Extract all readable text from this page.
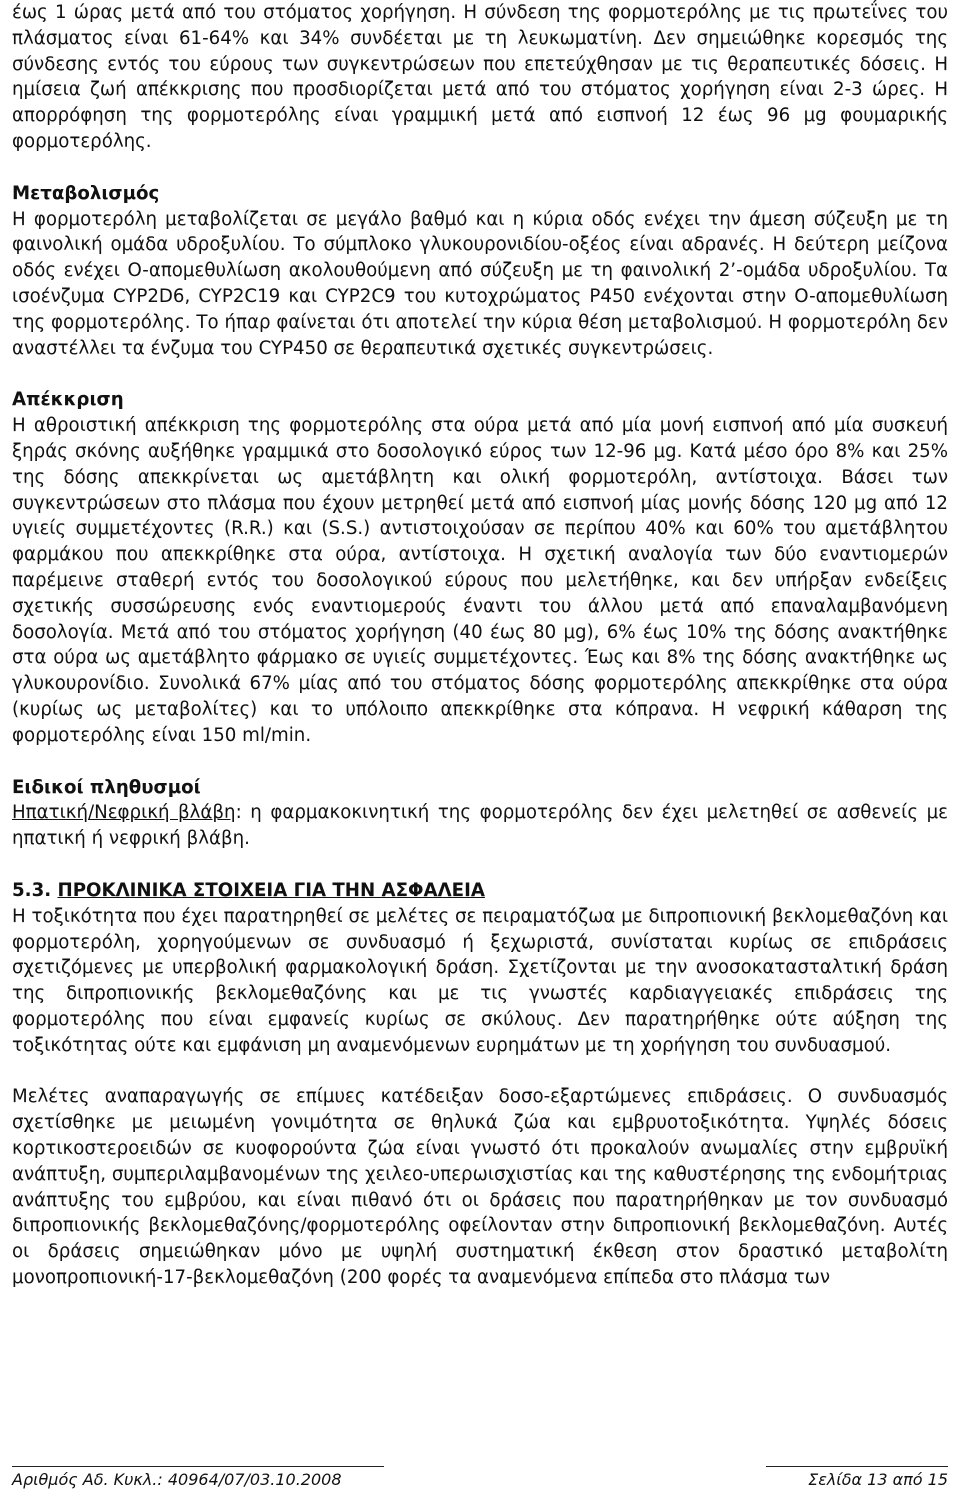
έως 1 ώρας μετά από του στόματος χορήγηση. Η σύνδεση της φορμοτερόλης με τις πρωτεΐνες του πλάσματος είναι 61-64% και 34% συνδέεται με τη λευκωματίνη. Δεν σημειώθηκε κορεσμός της σύνδεσης εντός του εύρους των συγκεντρώσεων που επετεύχθησαν με τις θεραπευτικές δόσεις. Η ημίσεια ζωή απέκκρισης που προσδιορίζεται μετά από του στόματος χορήγηση είναι 2-3 ώρες. Η απορρόφηση της φορμοτερόλης είναι γραμμική μετά από εισπνοή 12 έως 96 μg φουμαρικής φορμοτερόλης.

Μεταβολισμός

Η φορμοτερόλη μεταβολίζεται σε μεγάλο βαθμό και η κύρια οδός ενέχει την άμεση σύζευξη με τη φαινολική ομάδα υδροξυλίου. Το σύμπλοκο γλυκουρονιδίου-οξέος είναι αδρανές. Η δεύτερη μείζονα οδός ενέχει O-απομεθυλίωση ακολουθούμενη από σύζευξη με τη φαινολική 2’-ομάδα υδροξυλίου. Τα ισοένζυμα CYP2D6, CYP2C19 και CYP2C9 του κυτοχρώματος P450 ενέχονται στην O-απομεθυλίωση της φορμοτερόλης. Το ήπαρ φαίνεται ότι αποτελεί την κύρια θέση μεταβολισμού. Η φορμοτερόλη δεν αναστέλλει τα ένζυμα του CYP450 σε θεραπευτικά σχετικές συγκεντρώσεις.

Απέκκριση

Η αθροιστική απέκκριση της φορμοτερόλης στα ούρα μετά από μία μονή εισπνοή από μία συσκευή ξηράς σκόνης αυξήθηκε γραμμικά στο δοσολογικό εύρος των 12-96 μg. Κατά μέσο όρο 8% και 25% της δόσης απεκκρίνεται ως αμετάβλητη και ολική φορμοτερόλη, αντίστοιχα. Βάσει των συγκεντρώσεων στο πλάσμα που έχουν μετρηθεί μετά από εισπνοή μίας μονής δόσης 120 μg από 12 υγιείς συμμετέχοντες (R.R.) και (S.S.) αντιστοιχούσαν σε περίπου 40% και 60% του αμετάβλητου φαρμάκου που απεκκρίθηκε στα ούρα, αντίστοιχα. Η σχετική αναλογία των δύο εναντιομερών παρέμεινε σταθερή εντός του δοσολογικού εύρους που μελετήθηκε, και δεν υπήρξαν ενδείξεις σχετικής συσσώρευσης ενός εναντιομερούς έναντι του άλλου μετά από επαναλαμβανόμενη δοσολογία. Μετά από του στόματος χορήγηση (40 έως 80 μg), 6% έως 10% της δόσης ανακτήθηκε στα ούρα ως αμετάβλητο φάρμακο σε υγιείς συμμετέχοντες. Έως και 8% της δόσης ανακτήθηκε ως γλυκουρονίδιο. Συνολικά 67% μίας από του στόματος δόσης φορμοτερόλης απεκκρίθηκε στα ούρα (κυρίως ως μεταβολίτες) και το υπόλοιπο απεκκρίθηκε στα κόπρανα. Η νεφρική κάθαρση της φορμοτερόλης είναι 150 ml/min.

Ειδικοί πληθυσμοί

Ηπατική/Νεφρική βλάβη: η φαρμακοκινητική της φορμοτερόλης δεν έχει μελετηθεί σε ασθενείς με ηπατική ή νεφρική βλάβη.

5.3. ΠΡΟΚΛΙΝΙΚΑ ΣΤΟΙΧΕΙΑ ΓΙΑ ΤΗΝ ΑΣΦΑΛΕΙΑ

Η τοξικότητα που έχει παρατηρηθεί σε μελέτες σε πειραματόζωα με διπροπιονική βεκλομεθαζόνη και φορμοτερόλη, χορηγούμενων σε συνδυασμό ή ξεχωριστά, συνίσταται κυρίως σε επιδράσεις σχετιζόμενες με υπερβολική φαρμακολογική δράση. Σχετίζονται με την ανοσοκατασταλτική δράση της διπροπιονικής βεκλομεθαζόνης και με τις γνωστές καρδιαγγειακές επιδράσεις της φορμοτερόλης που είναι εμφανείς κυρίως σε σκύλους. Δεν παρατηρήθηκε ούτε αύξηση της τοξικότητας ούτε και εμφάνιση μη αναμενόμενων ευρημάτων με τη χορήγηση του συνδυασμού.

Μελέτες αναπαραγωγής σε επίμυες κατέδειξαν δοσο-εξαρτώμενες επιδράσεις. Ο συνδυασμός σχετίσθηκε με μειωμένη γονιμότητα σε θηλυκά ζώα και εμβρυοτοξικότητα. Υψηλές δόσεις κορτικοστεροειδών σε κυοφορούντα ζώα είναι γνωστό ότι προκαλούν ανωμαλίες στην εμβρυϊκή ανάπτυξη, συμπεριλαμβανομένων της χειλεο-υπερωισχιστίας και της καθυστέρησης της ενδομήτριας ανάπτυξης του εμβρύου, και είναι πιθανό ότι οι δράσεις που παρατηρήθηκαν με τον συνδυασμό διπροπιονικής βεκλομεθαζόνης/φορμοτερόλης οφείλονταν στην διπροπιονική βεκλομεθαζόνη. Αυτές οι δράσεις σημειώθηκαν μόνο με υψηλή συστηματική έκθεση στον δραστικό μεταβολίτη μονοπροπιονική-17-βεκλομεθαζόνη (200 φορές τα αναμενόμενα επίπεδα στο πλάσμα των

Αριθμός Αδ. Κυκλ.: 40964/07/03.10.2008	Σελίδα 13 από 15
